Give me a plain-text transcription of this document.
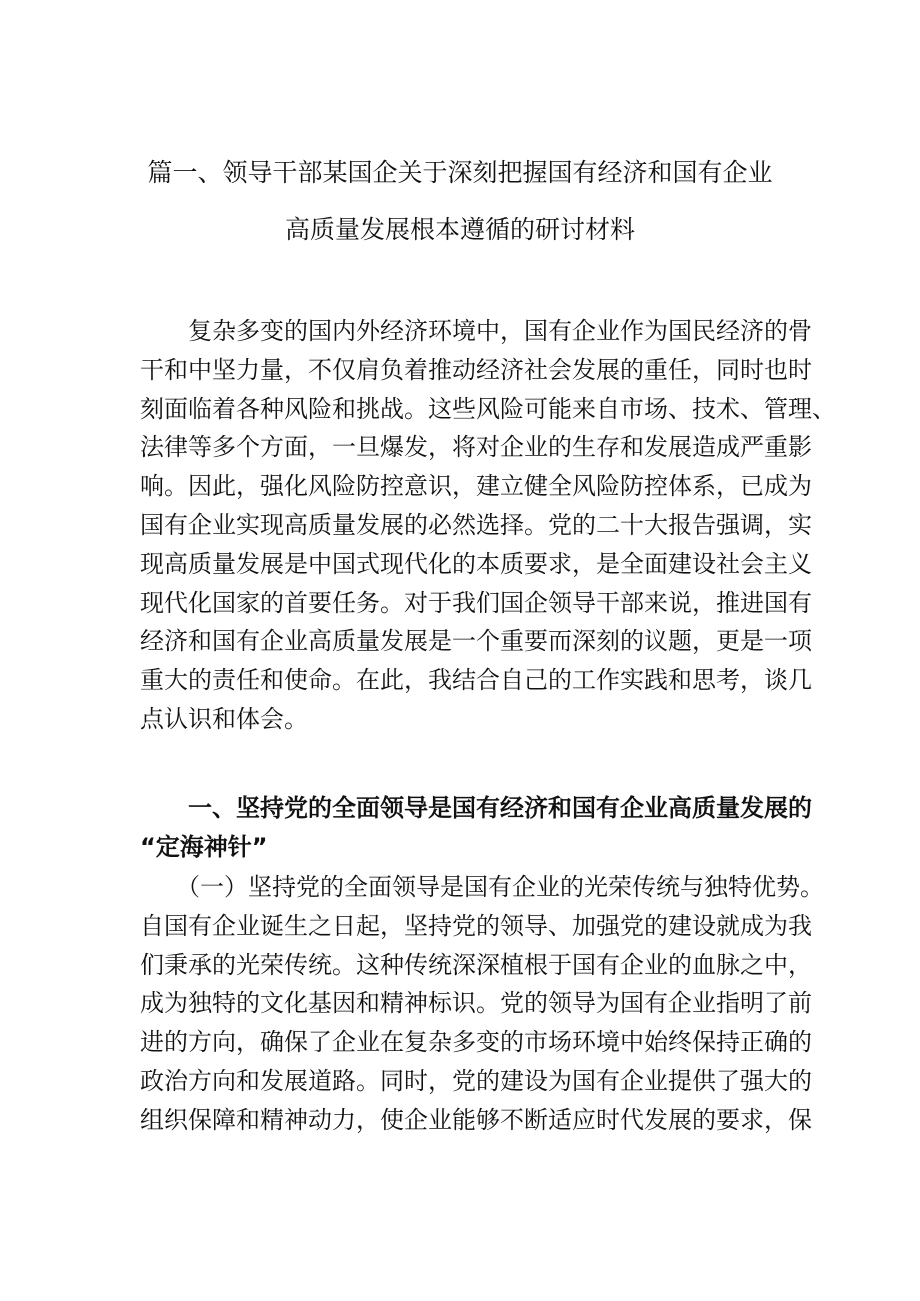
篇一、领导干部某国企关于深刻把握国有经济和国有企业
高质量发展根本遵循的研讨材料
　　复杂多变的国内外经济环境中，国有企业作为国民经济的骨
干和中坚力量，不仅肩负着推动经济社会发展的重任，同时也时
刻面临着各种风险和挑战。这些风险可能来自市场、技术、管理、
法律等多个方面，一旦爆发，将对企业的生存和发展造成严重影
响。因此，强化风险防控意识，建立健全风险防控体系，已成为
国有企业实现高质量发展的必然选择。党的二十大报告强调，实
现高质量发展是中国式现代化的本质要求，是全面建设社会主义
现代化国家的首要任务。对于我们国企领导干部来说，推进国有
经济和国有企业高质量发展是一个重要而深刻的议题，更是一项
重大的责任和使命。在此，我结合自己的工作实践和思考，谈几
点认识和体会。
　　一、坚持党的全面领导是国有经济和国有企业高质量发展的
“定海神针”
　　（一）坚持党的全面领导是国有企业的光荣传统与独特优势。
自国有企业诞生之日起，坚持党的领导、加强党的建设就成为我
们秉承的光荣传统。这种传统深深植根于国有企业的血脉之中，
成为独特的文化基因和精神标识。党的领导为国有企业指明了前
进的方向，确保了企业在复杂多变的市场环境中始终保持正确的
政治方向和发展道路。同时，党的建设为国有企业提供了强大的
组织保障和精神动力，使企业能够不断适应时代发展的要求，保
